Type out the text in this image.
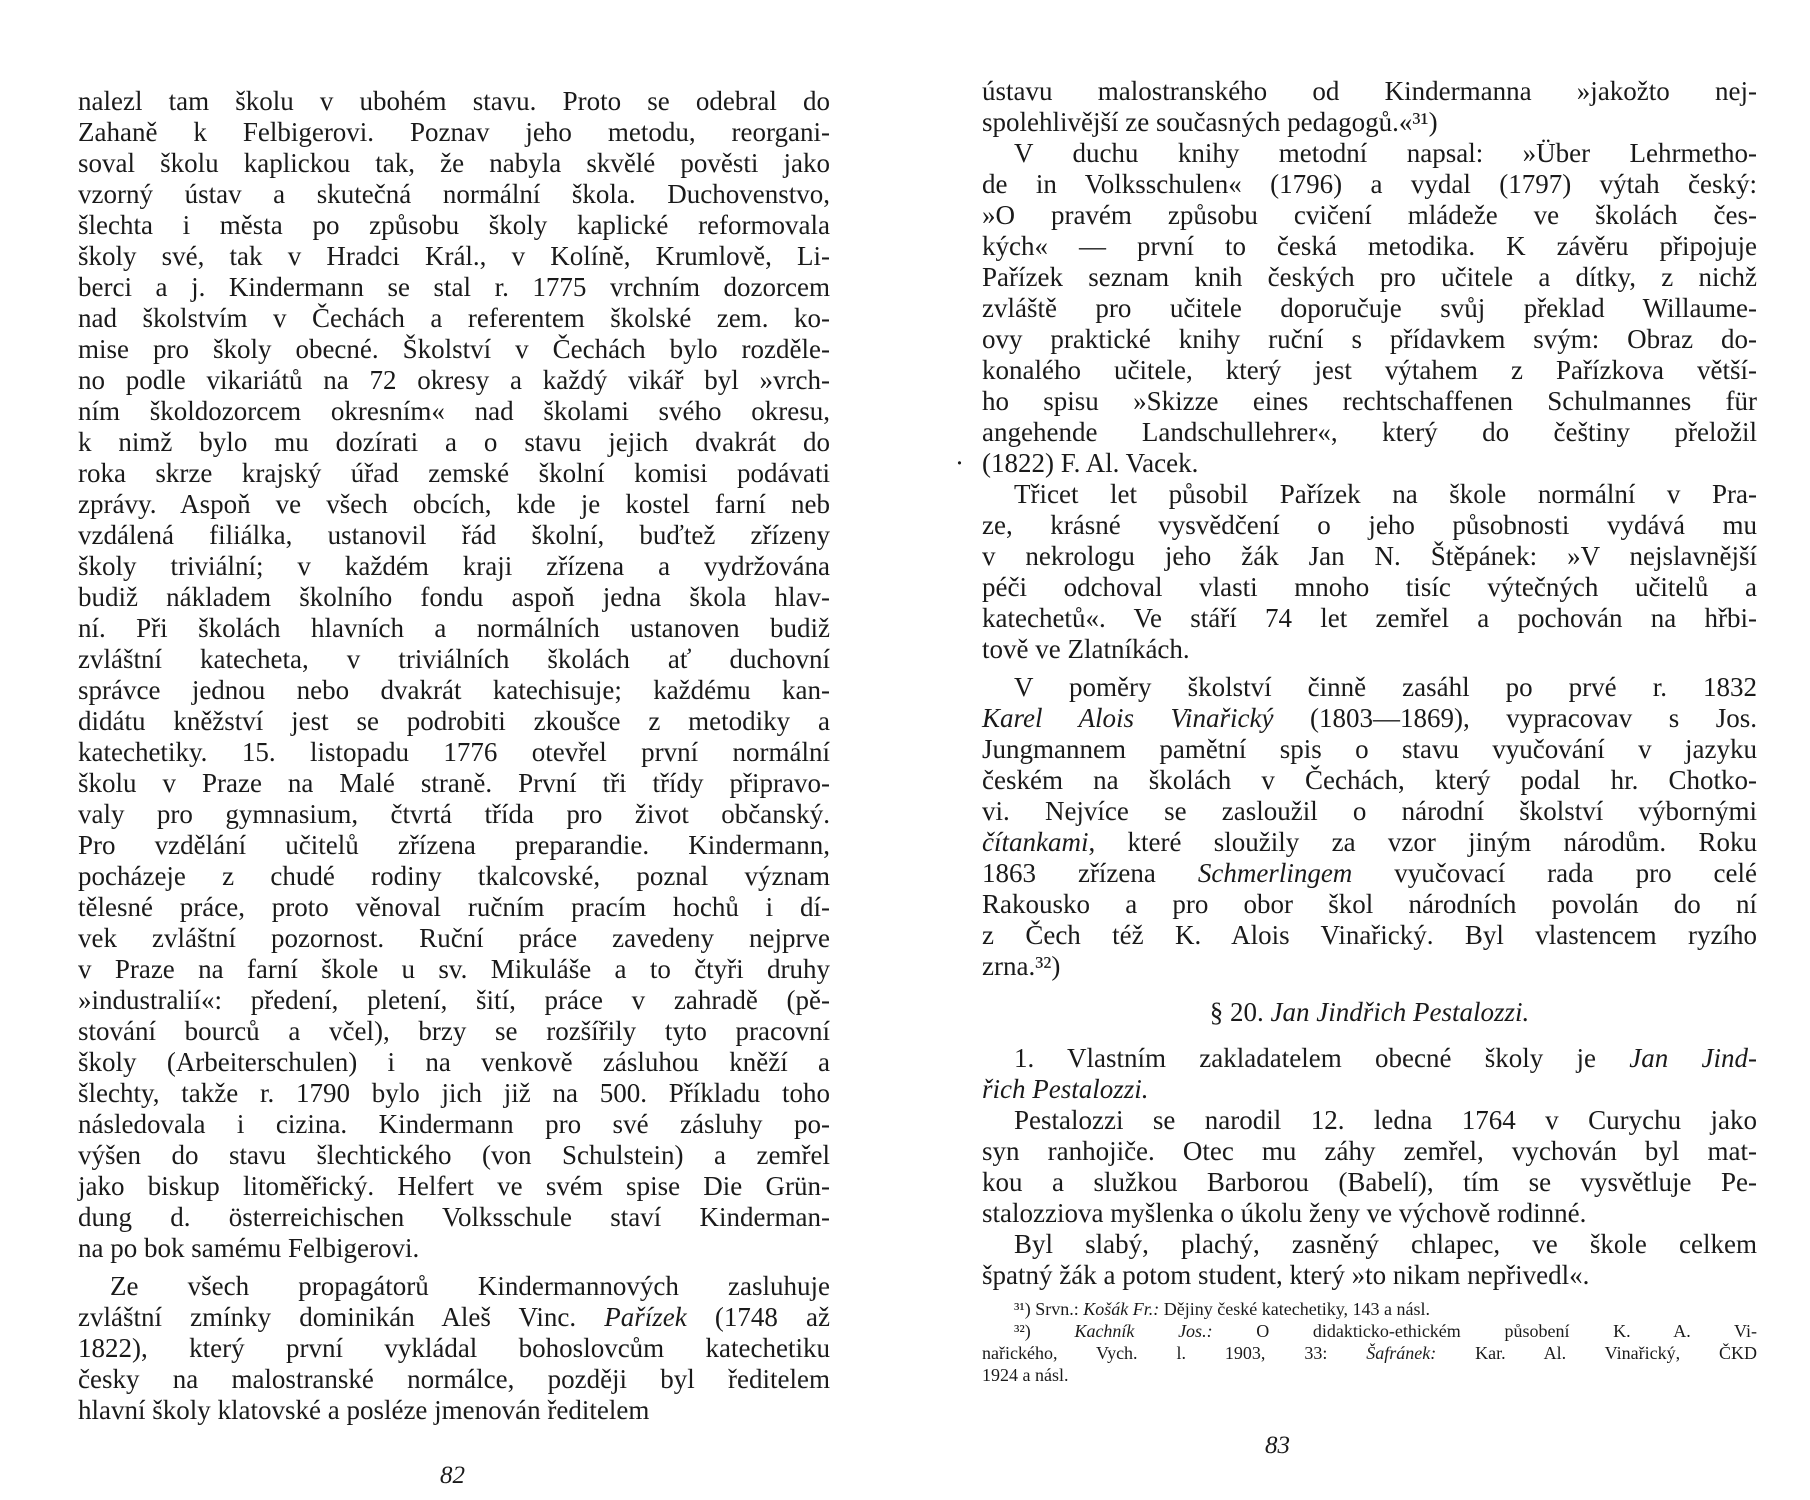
nalezl tam školu v ubohém stavu. Proto se odebral do
Zahaně k Felbigerovi. Poznav jeho metodu, reorgani-
soval školu kaplickou tak, že nabyla skvělé pověsti jako
vzorný ústav a skutečná normální škola. Duchovenstvo,
šlechta i města po způsobu školy kaplické reformovala
školy své, tak v Hradci Král., v Kolíně, Krumlově, Li-
berci a j. Kindermann se stal r. 1775 vrchním dozorcem
nad školstvím v Čechách a referentem školské zem. ko-
mise pro školy obecné. Školství v Čechách bylo rozděle-
no podle vikariátů na 72 okresy a každý vikář byl »vrch-
ním školdozorcem okresním« nad školami svého okresu,
k nimž bylo mu dozírati a o stavu jejich dvakrát do
roka skrze krajský úřad zemské školní komisi podávati
zprávy. Aspoň ve všech obcích, kde je kostel farní neb
vzdálená filiálka, ustanovil řád školní, buďtež zřízeny
školy triviální; v každém kraji zřízena a vydržována
budiž nákladem školního fondu aspoň jedna škola hlav-
ní. Při školách hlavních a normálních ustanoven budiž
zvláštní katecheta, v triviálních školách ať duchovní
správce jednou nebo dvakrát katechisuje; každému kan-
didátu kněžství jest se podrobiti zkoušce z metodiky a
katechetiky. 15. listopadu 1776 otevřel první normální
školu v Praze na Malé straně. První tři třídy připravo-
valy pro gymnasium, čtvrtá třída pro život občanský.
Pro vzdělání učitelů zřízena preparandie. Kindermann,
pocházeje z chudé rodiny tkalcovské, poznal význam
tělesné práce, proto věnoval ručním pracím hochů i dí-
vek zvláštní pozornost. Ruční práce zavedeny nejprve
v Praze na farní škole u sv. Mikuláše a to čtyři druhy
»industralií«: předení, pletení, šití, práce v zahradě (pě-
stování bourců a včel), brzy se rozšířily tyto pracovní
školy (Arbeiterschulen) i na venkově zásluhou kněží a
šlechty, takže r. 1790 bylo jich již na 500. Příkladu toho
následovala i cizina. Kindermann pro své zásluhy po-
výšen do stavu šlechtického (von Schulstein) a zemřel
jako biskup litoměřický. Helfert ve svém spise Die Grün-
dung d. österreichischen Volksschule staví Kinderman-
na po bok samému Felbigerovi.
Ze všech propagátorů Kindermannových zasluhuje
zvláštní zmínky dominikán Aleš Vinc. Pařízek (1748 až
1822), který první vykládal bohoslovcům katechetiku
česky na malostranské normálce, později byl ředitelem
hlavní školy klatovské a posléze jmenován ředitelem
82
ústavu malostranského od Kindermanna »jakožto nej-
spolehlivější ze současných pedagogů.«³¹)
V duchu knihy metodní napsal: »Über Lehrmetho-
de in Volksschulen« (1796) a vydal (1797) výtah český:
»O pravém způsobu cvičení mládeže ve školách čes-
kých« — první to česká metodika. K závěru připojuje
Pařízek seznam knih českých pro učitele a dítky, z nichž
zvláště pro učitele doporučuje svůj překlad Willaume-
ovy praktické knihy ruční s přídavkem svým: Obraz do-
konalého učitele, který jest výtahem z Pařízkova větší-
ho spisu »Skizze eines rechtschaffenen Schulmannes für
angehende Landschullehrer«, který do češtiny přeložil
(1822) F. Al. Vacek.
·
Třicet let působil Pařízek na škole normální v Pra-
ze, krásné vysvědčení o jeho působnosti vydává mu
v nekrologu jeho žák Jan N. Štěpánek: »V nejslavnější
péči odchoval vlasti mnoho tisíc výtečných učitelů a
katechetů«. Ve stáří 74 let zemřel a pochován na hřbi-
tově ve Zlatníkách.
V poměry školství činně zasáhl po prvé r. 1832
Karel Alois Vinařický (1803—1869), vypracovav s Jos.
Jungmannem pamětní spis o stavu vyučování v jazyku
českém na školách v Čechách, který podal hr. Chotko-
vi. Nejvíce se zasloužil o národní školství výbornými
čítankami, které sloužily za vzor jiným národům. Roku
1863 zřízena Schmerlingem vyučovací rada pro celé
Rakousko a pro obor škol národních povolán do ní
z Čech též K. Alois Vinařický. Byl vlastencem ryzího
zrna.³²)
§ 20. Jan Jindřich Pestalozzi.
1. Vlastním zakladatelem obecné školy je Jan Jind-
řich Pestalozzi.
Pestalozzi se narodil 12. ledna 1764 v Curychu jako
syn ranhojiče. Otec mu záhy zemřel, vychován byl mat-
kou a služkou Barborou (Babelí), tím se vysvětluje Pe-
stalozziova myšlenka o úkolu ženy ve výchově rodinné.
Byl slabý, plachý, zasněný chlapec, ve škole celkem
špatný žák a potom student, který »to nikam nepřivedl«.
³¹) Srvn.: Košák Fr.: Dějiny české katechetiky, 143 a násl.
³²) Kachník Jos.: O didakticko-ethickém působení K. A. Vi-
nařického, Vych. l. 1903, 33: Šafránek: Kar. Al. Vinařický, ČKD
1924 a násl.
83
